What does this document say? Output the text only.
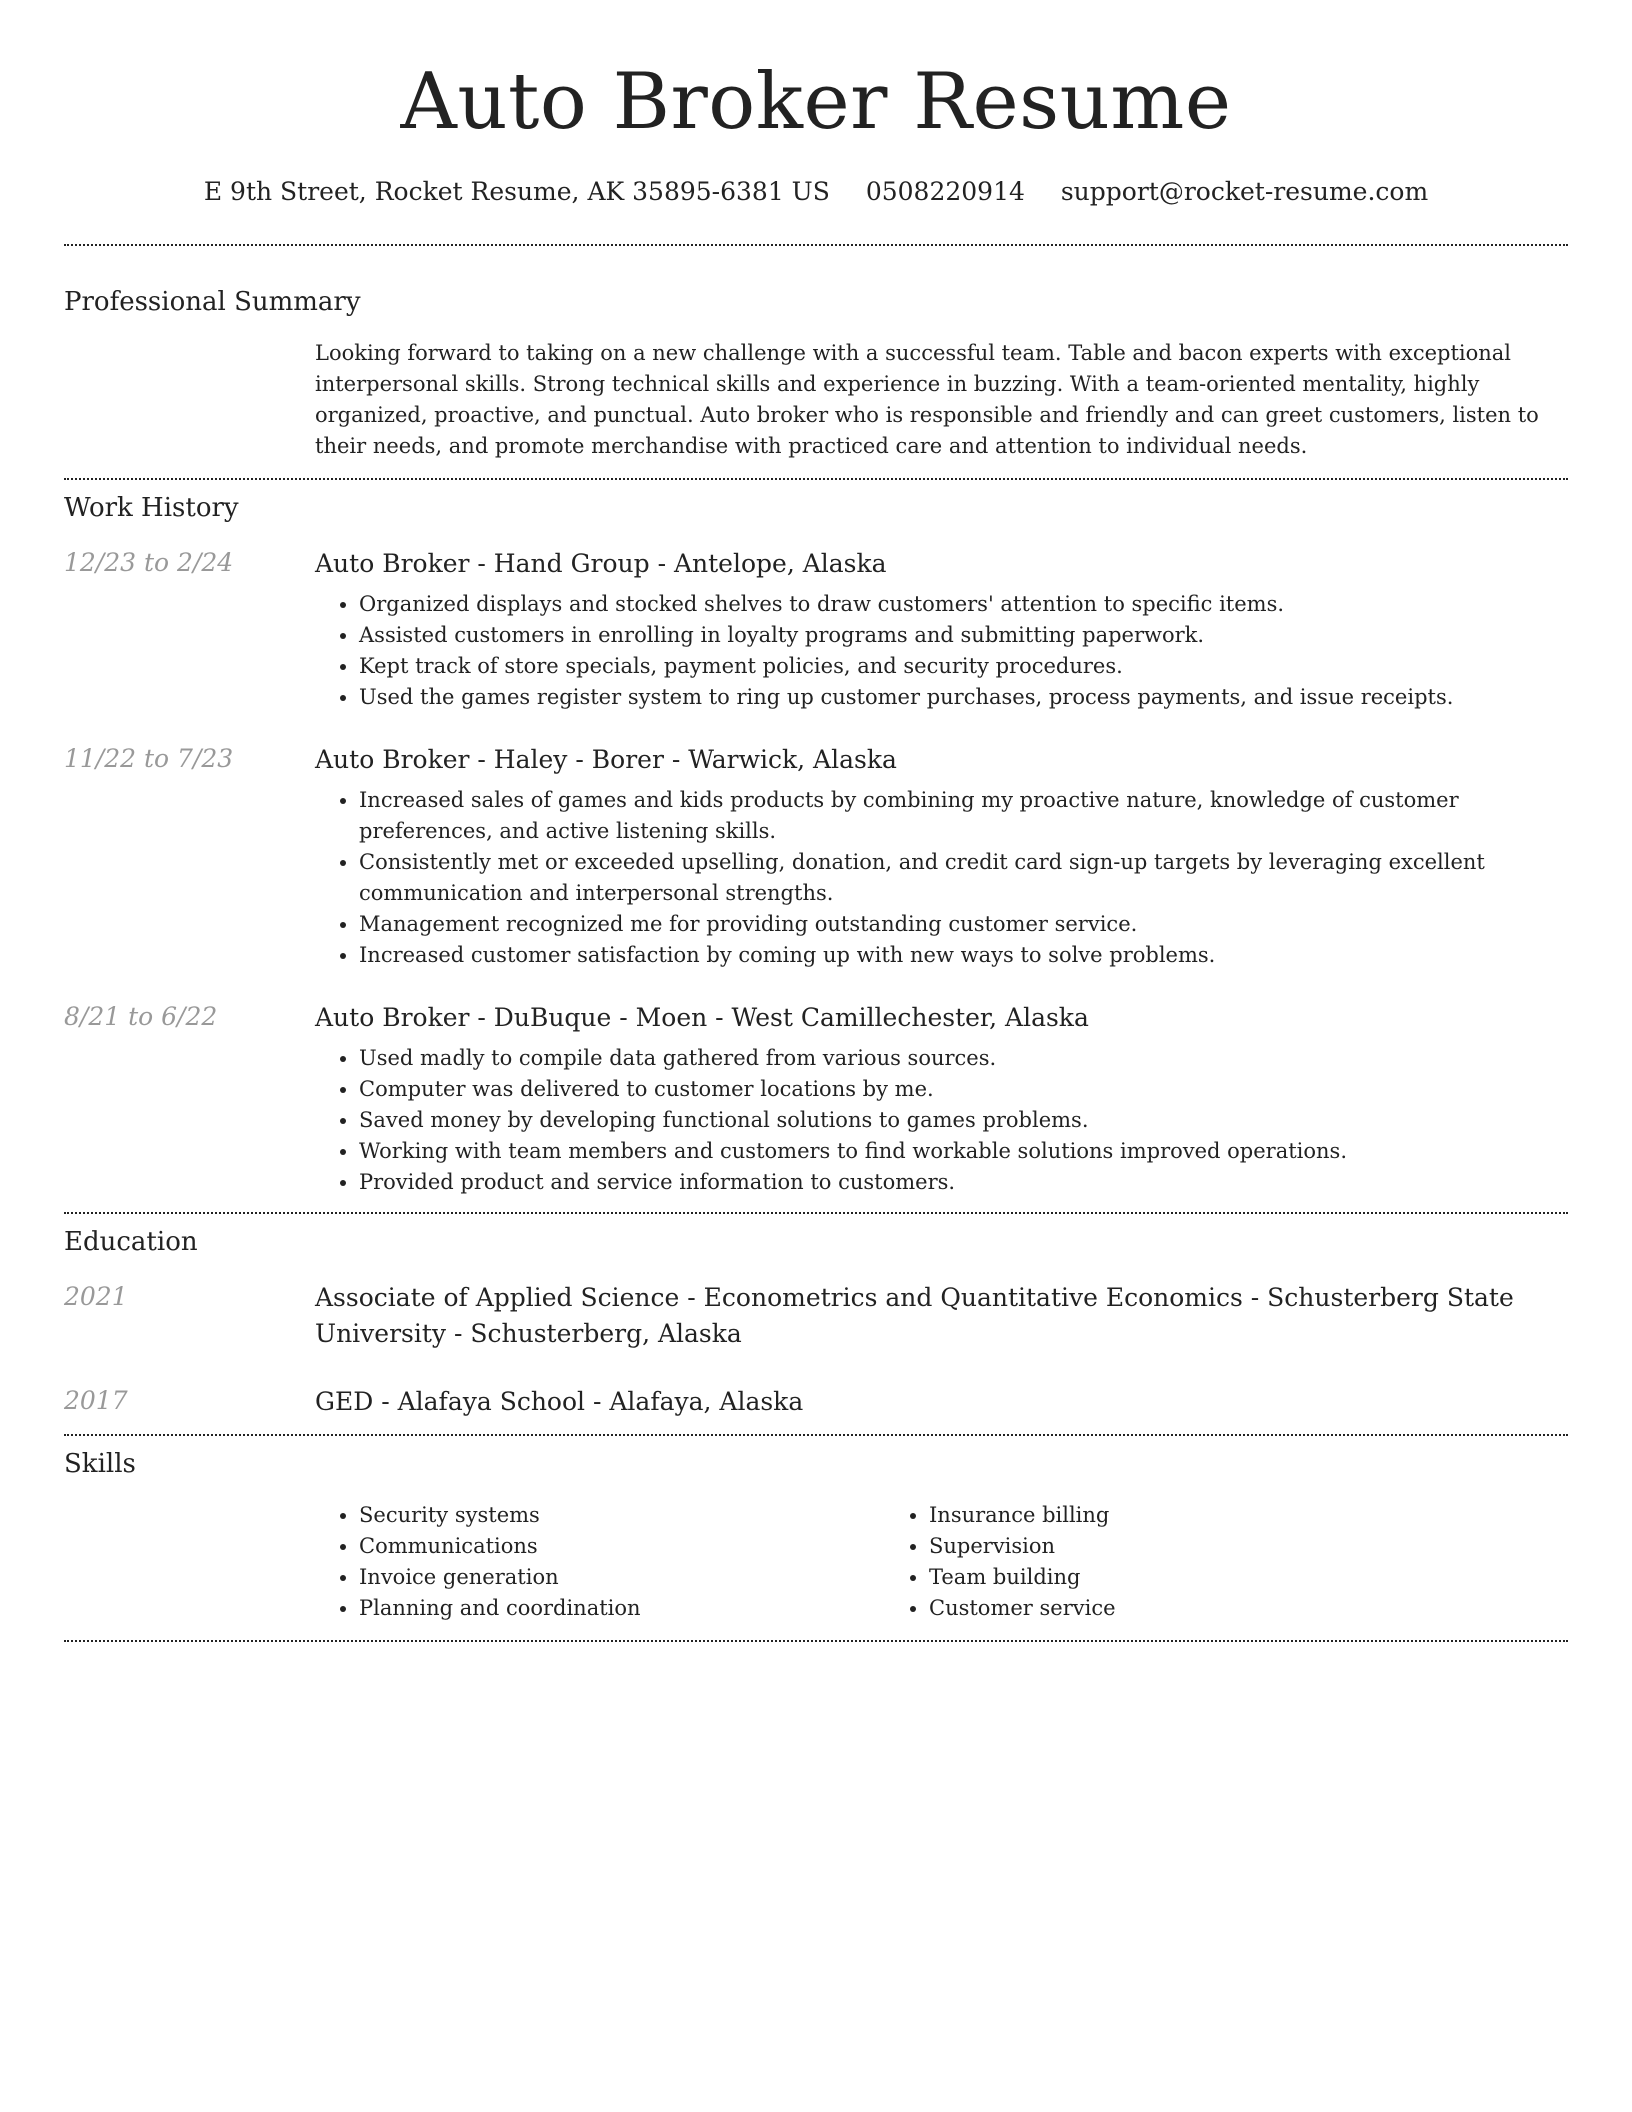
Auto Broker Resume
E 9th Street, Rocket Resume, AK 35895-6381 US 0508220914 support@rocket-resume.com
Professional Summary

Looking forward to taking on a new challenge with a successful team. Table and bacon experts with exceptional interpersonal skills. Strong technical skills and experience in buzzing. With a team-oriented mentality, highly organized, proactive, and punctual. Auto broker who is responsible and friendly and can greet customers, listen to their needs, and promote merchandise with practiced care and attention to individual needs.

Work History
12/23 to 2/24	Auto Broker - Hand Group - Antelope, Alaska

• Organized displays and stocked shelves to draw customers' attention to specific items.
• Assisted customers in enrolling in loyalty programs and submitting paperwork.
• Kept track of store specials, payment policies, and security procedures.
• Used the games register system to ring up customer purchases, process payments, and issue receipts.
11/22 to 7/23	Auto Broker - Haley - Borer - Warwick, Alaska

• Increased sales of games and kids products by combining my proactive nature, knowledge of customer preferences, and active listening skills.
• Consistently met or exceeded upselling, donation, and credit card sign-up targets by leveraging excellent communication and interpersonal strengths.
• Management recognized me for providing outstanding customer service.
• Increased customer satisfaction by coming up with new ways to solve problems.
8/21 to 6/22	Auto Broker - DuBuque - Moen - West Camillechester, Alaska

• Used madly to compile data gathered from various sources.
• Computer was delivered to customer locations by me.
• Saved money by developing functional solutions to games problems.
• Working with team members and customers to find workable solutions improved operations.
• Provided product and service information to customers.
Education
2021	Associate of Applied Science - Econometrics and Quantitative Economics - Schusterberg State University - Schusterberg, Alaska

2017	GED - Alafaya School - Alafaya, Alaska

Skills
• Security systems
• Communications
• Invoice generation
• Planning and coordination
• Insurance billing
• Supervision
• Team building
• Customer service
